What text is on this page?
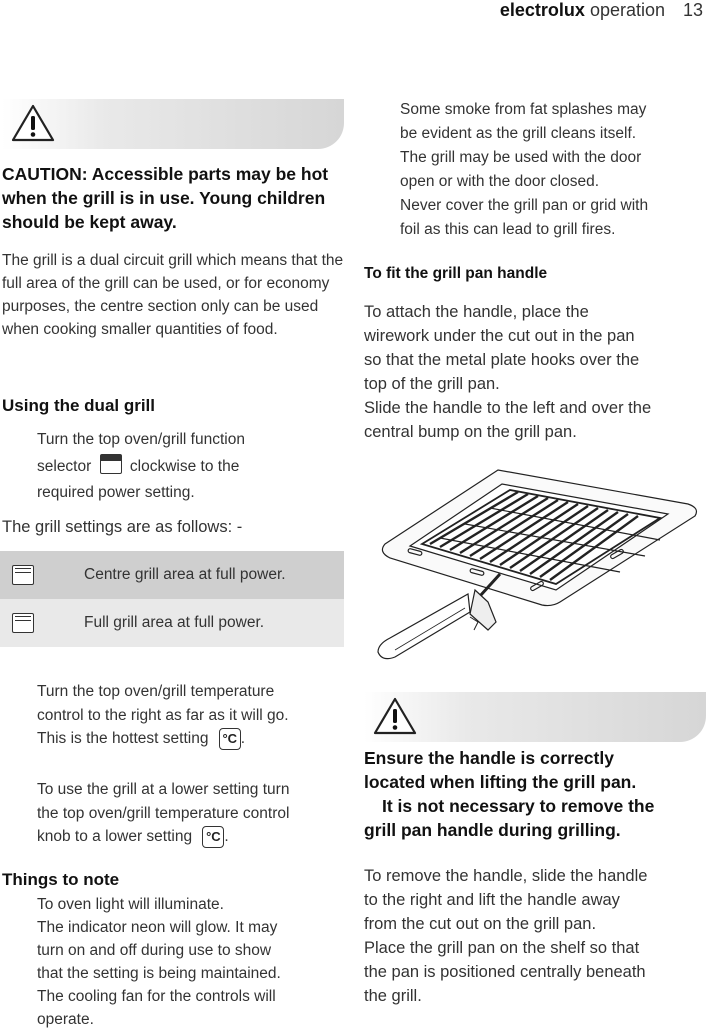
electrolux operation 13
CAUTION: Accessible parts may be hot when the grill is in use. Young children should be kept away.
The grill is a dual circuit grill which means that the full area of the grill can be used, or for economy purposes, the centre section only can be used when cooking smaller quantities of food.
Using the dual grill
Turn the top oven/grill function
selector clockwise to the
required power setting.
The grill settings are as follows: -
Centre grill area at full power.
Full grill area at full power.
Turn the top oven/grill temperature
control to the right as far as it will go.
This is the hottest setting °C .
To use the grill at a lower setting turn
the top oven/grill temperature control
knob to a lower setting °C .
Things to note
To oven light will illuminate.
The indicator neon will glow. It may
turn on and off during use to show
that the setting is being maintained.
The cooling fan for the controls will
operate.
Some smoke from fat splashes may
be evident as the grill cleans itself.
The grill may be used with the door
open or with the door closed.
Never cover the grill pan or grid with
foil as this can lead to grill fires.
To fit the grill pan handle
To attach the handle, place the
wirework under the cut out in the pan
so that the metal plate hooks over the
top of the grill pan.
Slide the handle to the left and over the
central bump on the grill pan.
Ensure the handle is correctly
located when lifting the grill pan.
It is not necessary to remove the
grill pan handle during grilling.
To remove the handle, slide the handle
to the right and lift the handle away
from the cut out on the grill pan.
Place the grill pan on the shelf so that
the pan is positioned centrally beneath
the grill.
